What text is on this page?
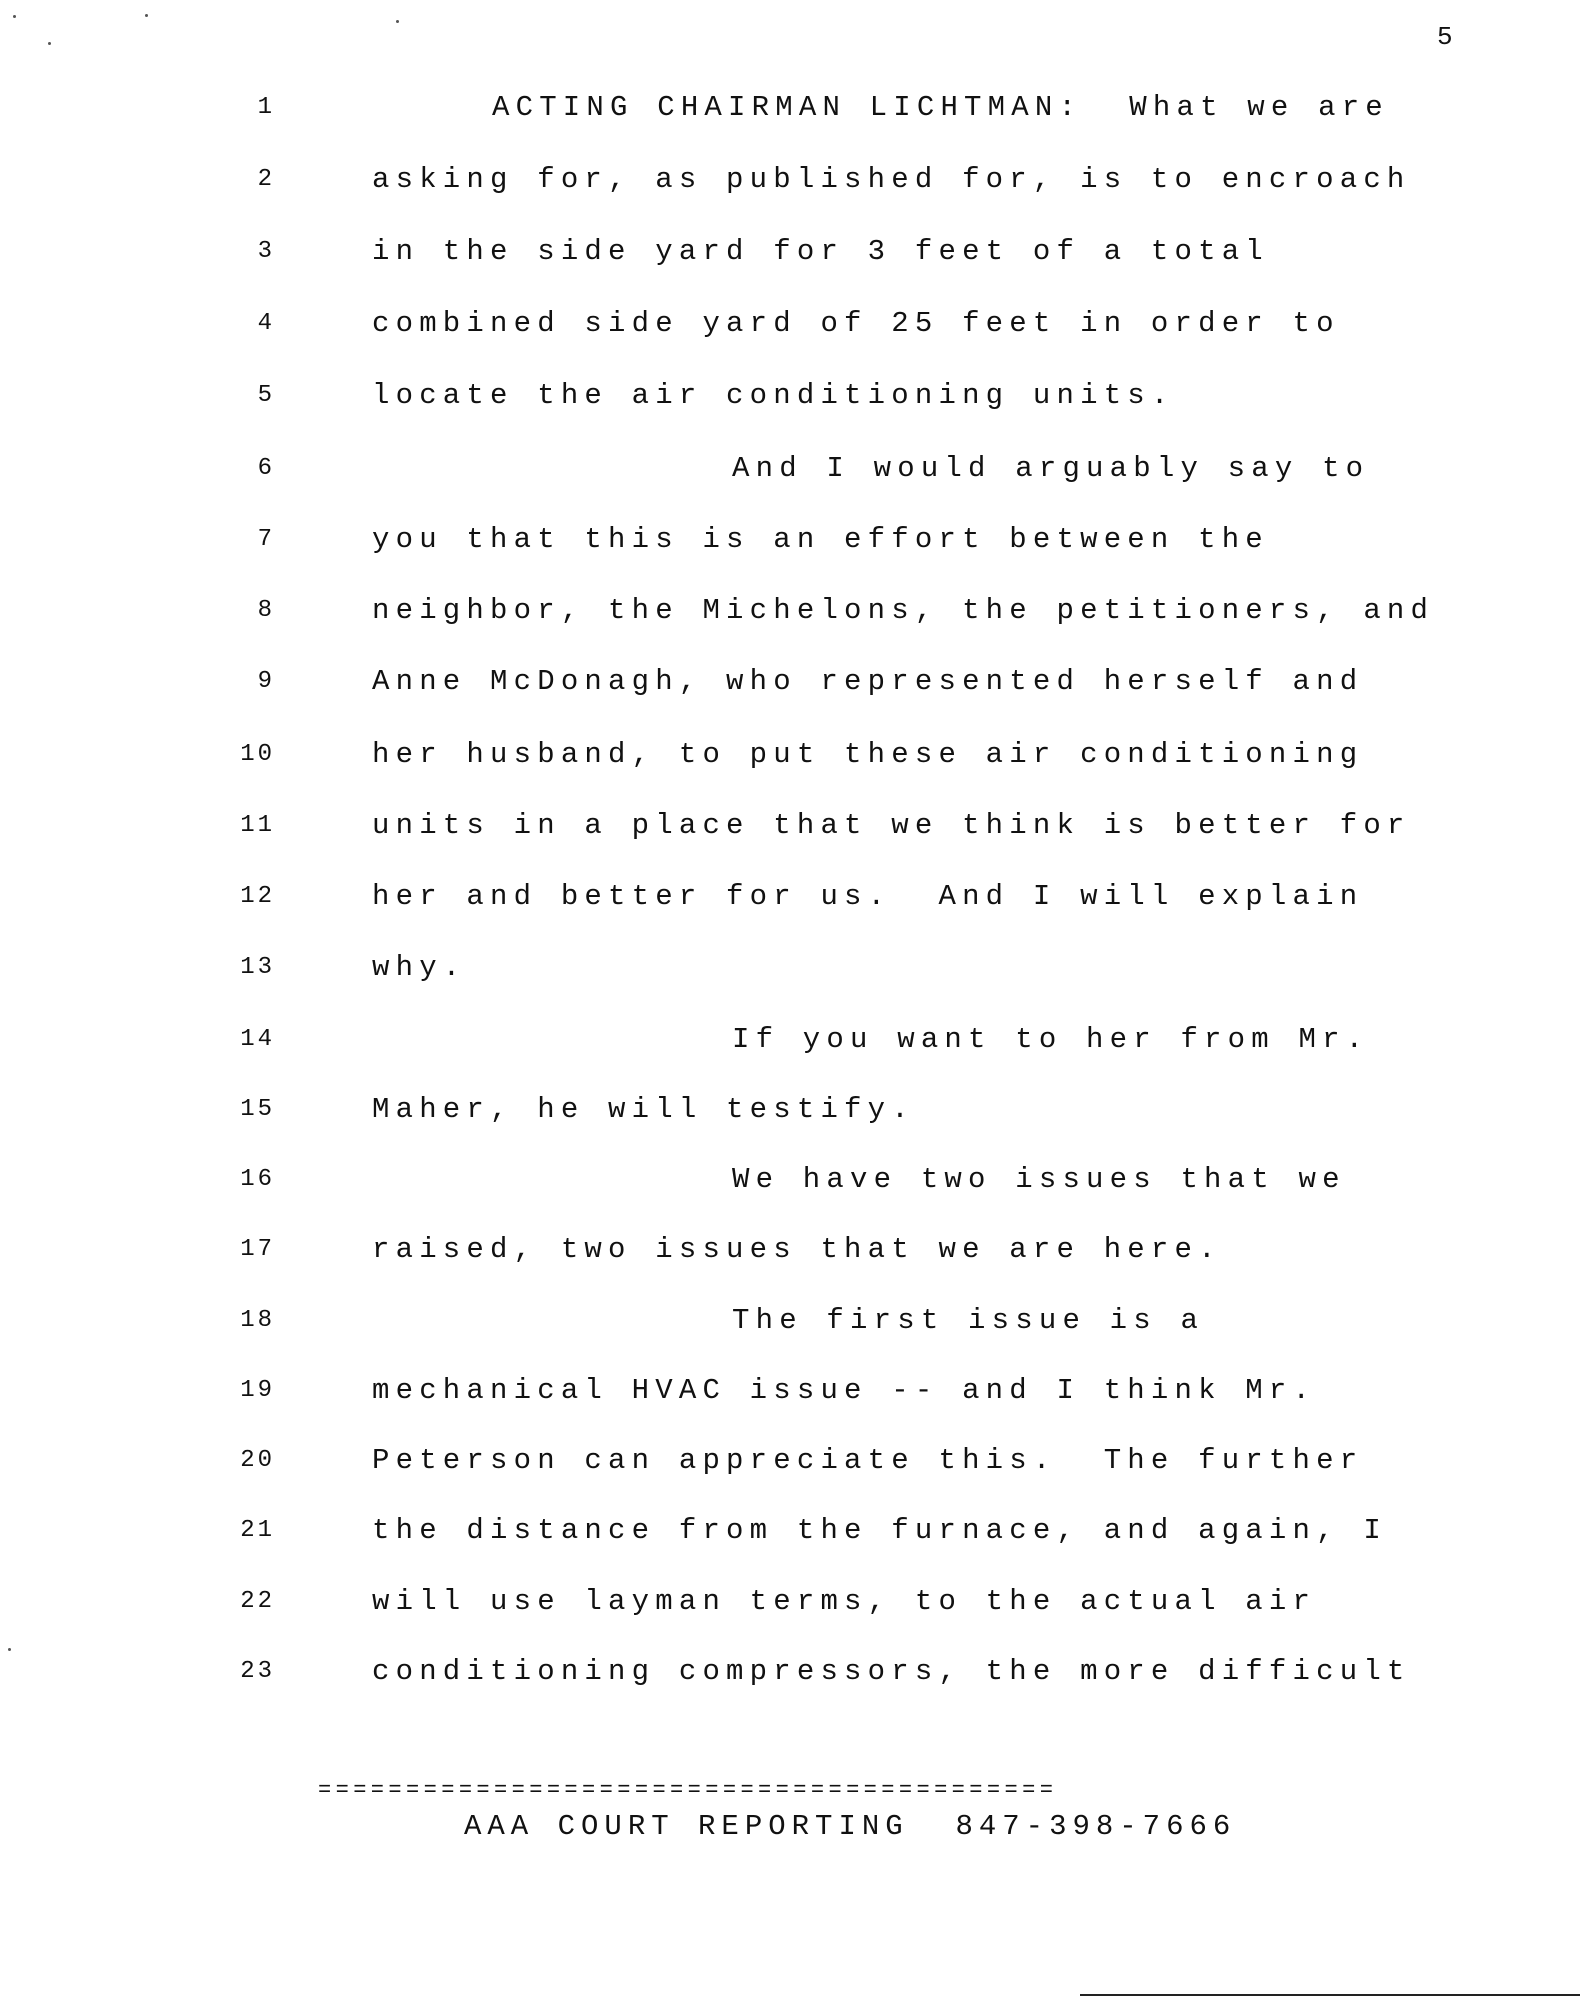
5
1	ACTING CHAIRMAN LICHTMAN:  What we are
2	asking for, as published for, is to encroach
3	in the side yard for 3 feet of a total
4	combined side yard of 25 feet in order to
5	locate the air conditioning units.
6	And I would arguably say to
7	you that this is an effort between the
8	neighbor, the Michelons, the petitioners, and
9	Anne McDonagh, who represented herself and
10	her husband, to put these air conditioning
11	units in a place that we think is better for
12	her and better for us.  And I will explain
13	why.
14	If you want to her from Mr.
15	Maher, he will testify.
16	We have two issues that we
17	raised, two issues that we are here.
18	The first issue is a
19	mechanical HVAC issue -- and I think Mr.
20	Peterson can appreciate this.  The further
21	the distance from the furnace, and again, I
22	will use layman terms, to the actual air
23	conditioning compressors, the more difficult
==========================================
AAA COURT REPORTING  847-398-7666
